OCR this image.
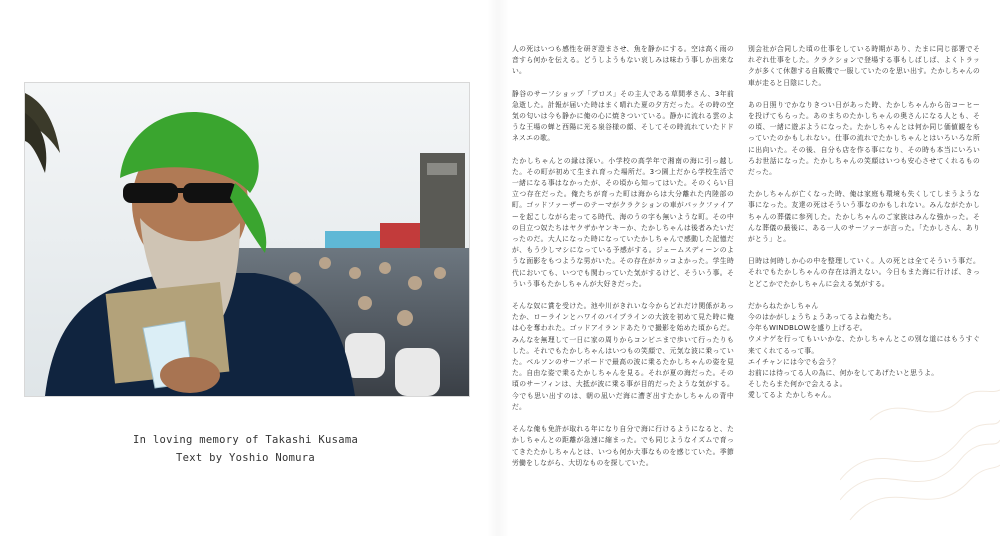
In loving memory of Takashi Kusama
Text by Yoshio Nomura

人の死はいつも感性を研ぎ澄まさせ、魚を静かにする。空は高く雨の音すら何かを伝える。どうしようもない哀しみは味わう事しか出来ない。

静谷のサーフショップ「プロス」その主人である草間孝さん、3年前急逝した。計報が届いた時はまく晴れた夏の夕方だった。その時の空気の匂いは今も静かに俺の心に焼きついている。静かに流れる雲のような王場の蝉と西陽に光る泉谷様の顔、そしてその時流れていたドドネスエの歌。

たかしちゃんとの縁は深い。小学校の高学年で湘南の海に引っ越した。その町が初めて生まれ育った場所だ。3つ園上だから学校生活で一緒になる事はなかったが、その頃から知ってはいた。そのくらい目立つ存在だった。俺たちが育った町は海からは大分離れた内陸部の町。ゴッドファーザーのテーマがクラクションの車がパックファイアーを起こしながら走ってる時代、海のうの字も無いような町。その中の目立つ奴たちはヤクザかヤンキーか、たかしちゃんは後者みたいだったのだ。大人になった時になっていたかしちゃんで感動した記憶だが、もう少しマシになっている予感がする。ジェームスディーンのような面影をもつような男がいた。その存在がカッコよかった。学生時代においても、いつでも関わっていた気がするけど、そういう事。そういう事もたかしちゃんが大好きだった。

そんな奴に賞を受けた。池や川がきれいな今からどれだけ関係があったか、ローラインとハワイのパイプラインの大波を初めて見た時に俺は心を奪われた。ゴッドアイランドあたりで撮影を始めた頃からだ。みんなを無理して一日に家の周りからコンビニまで歩いて行ったりもした。それでもたかしちゃんはいつもの笑顔で、元気な波に乗っていた。ベルソンのサーフボードで最高の波に乗るたかしちゃんの姿を見た。自由な姿で乗るたかしちゃんを見る。それが夏の海だった。その頃のサーフィンは、大抵が波に乗る事が目的だったような気がする。今でも思い出すのは、朝の凪いだ海に漕ぎ出すたかしちゃんの背中だ。

そんな俺も免許が取れる年になり自分で海に行けるようになると、たかしちゃんとの距離が急速に縮まった。でも同じようなイズムで育ってきたたかしちゃんとは、いつも何か大事なものを感じていた。季節労働をしながら、大切なものを探していた。

別会社が合同した頃の仕事をしている時期があり、たまに同じ部署でそれぞれ仕事をした。クラクションで登場する事もしばしば、よくトラックが多くて休憩する自販機で一服していたのを思い出す。たかしちゃんの車が走ると日陰にした。

あの日照りでかなりきつい日があった時、たかしちゃんから缶コーヒーを投げてもらった。あのまちのたかしちゃんの奥さんになる人とも、その頃、一緒に遊ぶようになった。たかしちゃんとは何か同じ価値観をもっていたのかもしれない。仕事の流れでたかしちゃんとはいろいろな所に出向いた。その後、自分も店を作る事になり、その時も本当にいろいろお世話になった。たかしちゃんの笑顔はいつも安心させてくれるものだった。

たかしちゃんが亡くなった時、俺は家庭も環境も失くしてしまうような事になった。友達の死はそういう事なのかもしれない。みんながたかしちゃんの葬儀に参列した。たかしちゃんのご家族はみんな強かった。そんな葬儀の最後に、ある一人のサーファーが言った。「たかしさん、ありがとう」と。

日時は何時しか心の中を整理していく。人の死とは全てそういう事だ。それでもたかしちゃんの存在は消えない。今日もまた海に行けば、きっとどこかでたかしちゃんに会える気がする。

だからねたかしちゃん
今のはかがしょうちょうあってるよね俺たち。
今年もWINDBLOWを盛り上げるぞ。
ウメナゲを行ってもいいかな、たかしちゃんとこの別な道にはもうすぐ来てくれてるって事。
エイチャンには今でも会う？
お前には待ってる人の為に、何かをしてあげたいと思うよ。
そしたらまた何かで会えるよ。
愛してるよ たかしちゃん。
